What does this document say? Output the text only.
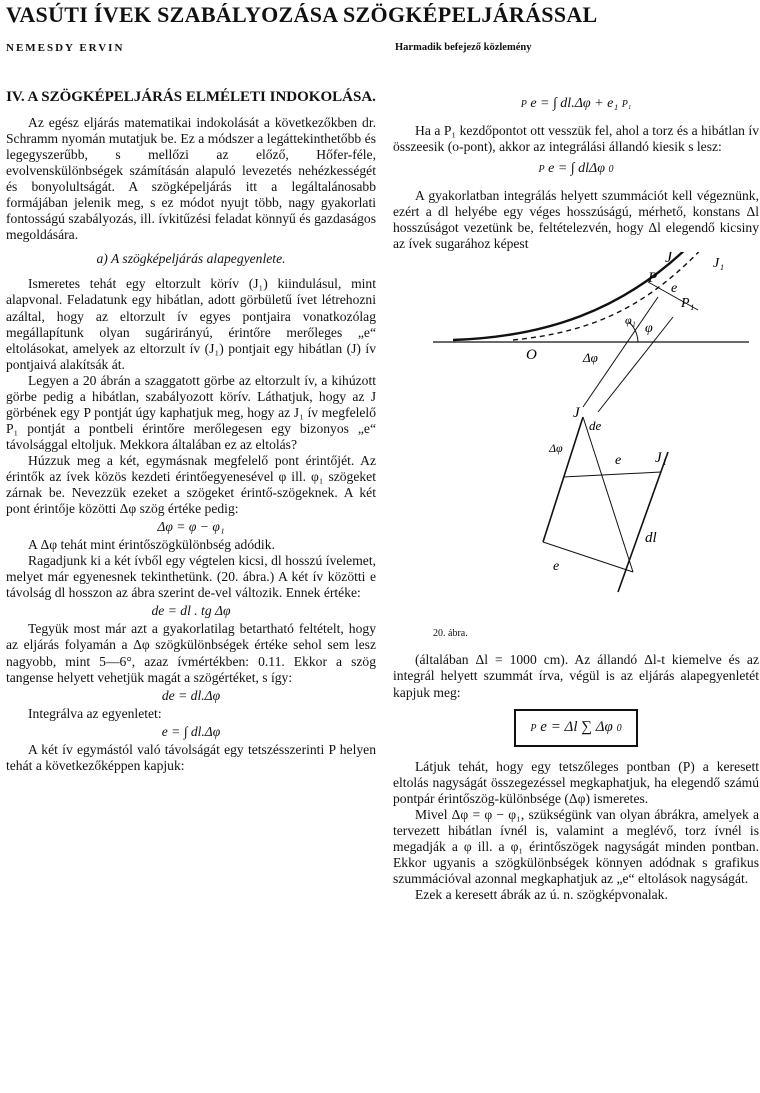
VASÚTI ÍVEK SZABÁLYOZÁSA SZÖGKÉPELJÁRÁSSAL
NEMESDY ERVIN	Harmadik befejező közlemény
IV. A SZÖGKÉPELJÁRÁS ELMÉLETI INDOKOLÁSA.

Az egész eljárás matematikai indokolását a következőkben dr. Schramm nyomán mutatjuk be. Ez a módszer a legáttekinthetőbb és legegyszerűbb, s mellőzi az előző, Hőfer-féle, evolvenskülönbségek számításán alapuló levezetés nehézkességét és bonyolultságát. A szögképeljárás itt a legáltalánosabb formájában jelenik meg, s ez módot nyujt több, nagy gyakorlati fontosságú szabályozás, ill. ívkitűzési feladat könnyű és gazdaságos megoldására.

a) A szögképeljárás alapegyenlete.

Ismeretes tehát egy eltorzult körív (J₁) kiindulásul, mint alapvonal. Feladatunk egy hibátlan, adott görbületű ívet létrehozni azáltal, hogy az eltorzult ív egyes pontjaira vonatkozólag megállapítunk olyan sugárirányú, érintőre merőleges „e“ eltolásokat, amelyek az eltorzult ív (J₁) pontjait egy hibátlan (J) ív pontjaivá alakítsák át.

Legyen a 20 ábrán a szaggatott görbe az eltorzult ív, a kihúzott görbe pedig a hibátlan, szabályozott körív. Láthatjuk, hogy az J görbének egy P pontját úgy kaphatjuk meg, hogy az J₁ ív megfelelő P₁ pontját a pontbeli érintőre merőlegesen egy bizonyos „e“ távolsággal eltoljuk. Mekkora általában ez az eltolás?

Húzzuk meg a két, egymásnak megfelelő pont érintőjét. Az érintők az ívek közös kezdeti érintőegyenesével φ ill. φ₁ szögeket zárnak be. Nevezzük ezeket a szögeket érintő-szögeknek. A két pont érintője közötti Δφ szög értéke pedig:

Δφ = φ − φ₁

A Δφ tehát mint érintőszögkülönbség adódik.

Ragadjunk ki a két ívből egy végtelen kicsi, dl hosszú ívelemet, melyet már egyenesnek tekinthetünk. (20. ábra.) A két ív közötti e távolság dl hosszon az ábra szerint de-vel változik. Ennek értéke:

de = dl . tg Δφ

Tegyük most már azt a gyakorlatilag betartható feltételt, hogy az eljárás folyamán a Δφ szögkülönbségek értéke sehol sem lesz nagyobb, mint 5—6°, azaz ívmértékben: 0.11. Ekkor a szög tangense helyett vehetjük magát a szögértéket, s így:

de = dl.Δφ

Integrálva az egyenletet:

e = ∫ dl.Δφ

A két ív egymástól való távolságát egy tetszésszerinti P helyen tehát a következőképpen kapjuk:

P e = ∫ dl.Δφ + e₁ P₁

Ha a P₁ kezdőpontot ott vesszük fel, ahol a torz és a hibátlan ív összeesik (o-pont), akkor az integrálási állandó kiesik s lesz:

P e = ∫ dlΔφ 0

A gyakorlatban integrálás helyett szummációt kell végeznünk, ezért a dl helyébe egy véges hosszúságú, mérhető, konstans Δl hosszúságot vezetünk be, feltételezvén, hogy Δl elegendő kicsiny az ívek sugarához képest

J	J₁
P
e
P₁
φ
φ₁
O	Δφ
J
de
Δφ
e J₁
e
dl
20. ábra.

(általában Δl = 1000 cm). Az állandó Δl-t kiemelve és az integrál helyett szummát írva, végül is az eljárás alapegyenletét kapjuk meg:

P e = Δl ∑ Δφ 0

Látjuk tehát, hogy egy tetszőleges pontban (P) a keresett eltolás nagyságát összegezéssel megkaphatjuk, ha elegendő számú pontpár érintőszög-különbsége (Δφ) ismeretes.

Mivel Δφ = φ − φ₁, szükségünk van olyan ábrákra, amelyek a tervezett hibátlan ívnél is, valamint a meglévő, torz ívnél is megadják a φ ill. a φ₁ érintőszögek nagyságát minden pontban. Ekkor ugyanis a szögkülönbségek könnyen adódnak s grafikus szummációval azonnal megkaphatjuk az „e“ eltolások nagyságát.

Ezek a keresett ábrák az ú. n. szögképvonalak.
